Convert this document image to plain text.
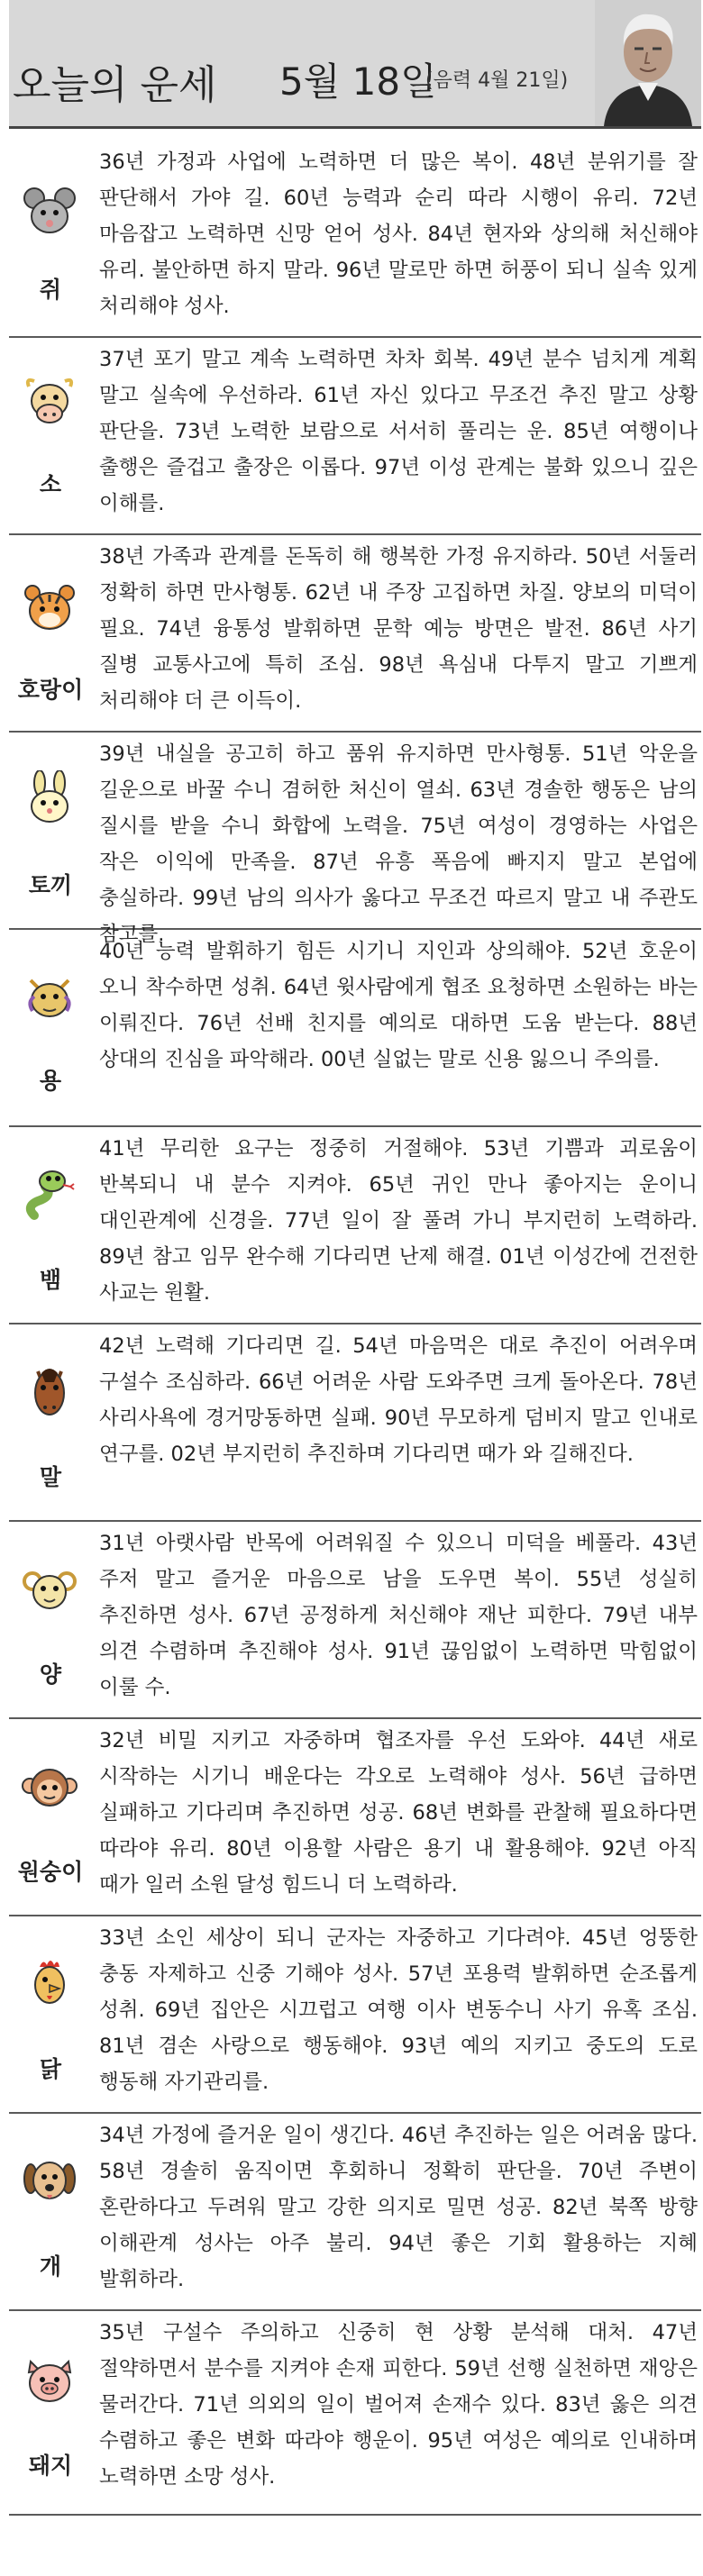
오늘의 운세 5월 18일
(음력 4월 21일)
쥐
36년 가정과 사업에 노력하면 더 많은 복이. 48년 분위기를 잘 판단해서 가야 길. 60년 능력과 순리 따라 시행이 유리. 72년 마음잡고 노력하면 신망 얻어 성사. 84년 현자와 상의해 처신해야 유리. 불안하면 하지 말라. 96년 말로만 하면 허풍이 되니 실속 있게 처리해야 성사.
소
37년 포기 말고 계속 노력하면 차차 회복. 49년 분수 넘치게 계획 말고 실속에 우선하라. 61년 자신 있다고 무조건 추진 말고 상황 판단을. 73년 노력한 보람으로 서서히 풀리는 운. 85년 여행이나 출행은 즐겁고 출장은 이롭다. 97년 이성 관계는 불화 있으니 깊은 이해를.
호랑이
38년 가족과 관계를 돈독히 해 행복한 가정 유지하라. 50년 서둘러 정확히 하면 만사형통. 62년 내 주장 고집하면 차질. 양보의 미덕이 필요. 74년 융통성 발휘하면 문학 예능 방면은 발전. 86년 사기 질병 교통사고에 특히 조심. 98년 욕심내 다투지 말고 기쁘게 처리해야 더 큰 이득이.
토끼
39년 내실을 공고히 하고 품위 유지하면 만사형통. 51년 악운을 길운으로 바꿀 수니 겸허한 처신이 열쇠. 63년 경솔한 행동은 남의 질시를 받을 수니 화합에 노력을. 75년 여성이 경영하는 사업은 작은 이익에 만족을. 87년 유흥 폭음에 빠지지 말고 본업에 충실하라. 99년 남의 의사가 옳다고 무조건 따르지 말고 내 주관도 참고를.
용
40년 능력 발휘하기 힘든 시기니 지인과 상의해야. 52년 호운이 오니 착수하면 성취. 64년 윗사람에게 협조 요청하면 소원하는 바는 이뤄진다. 76년 선배 친지를 예의로 대하면 도움 받는다. 88년 상대의 진심을 파악해라. 00년 실없는 말로 신용 잃으니 주의를.
뱀
41년 무리한 요구는 정중히 거절해야. 53년 기쁨과 괴로움이 반복되니 내 분수 지켜야. 65년 귀인 만나 좋아지는 운이니 대인관계에 신경을. 77년 일이 잘 풀려 가니 부지런히 노력하라. 89년 참고 임무 완수해 기다리면 난제 해결. 01년 이성간에 건전한 사교는 원활.
말
42년 노력해 기다리면 길. 54년 마음먹은 대로 추진이 어려우며 구설수 조심하라. 66년 어려운 사람 도와주면 크게 돌아온다. 78년 사리사욕에 경거망동하면 실패. 90년 무모하게 덤비지 말고 인내로 연구를. 02년 부지런히 추진하며 기다리면 때가 와 길해진다.
양
31년 아랫사람 반목에 어려워질 수 있으니 미덕을 베풀라. 43년 주저 말고 즐거운 마음으로 남을 도우면 복이. 55년 성실히 추진하면 성사. 67년 공정하게 처신해야 재난 피한다. 79년 내부 의견 수렴하며 추진해야 성사. 91년 끊임없이 노력하면 막힘없이 이룰 수.
원숭이
32년 비밀 지키고 자중하며 협조자를 우선 도와야. 44년 새로 시작하는 시기니 배운다는 각오로 노력해야 성사. 56년 급하면 실패하고 기다리며 추진하면 성공. 68년 변화를 관찰해 필요하다면 따라야 유리. 80년 이용할 사람은 용기 내 활용해야. 92년 아직 때가 일러 소원 달성 힘드니 더 노력하라.
닭
33년 소인 세상이 되니 군자는 자중하고 기다려야. 45년 엉뚱한 충동 자제하고 신중 기해야 성사. 57년 포용력 발휘하면 순조롭게 성취. 69년 집안은 시끄럽고 여행 이사 변동수니 사기 유혹 조심. 81년 겸손 사랑으로 행동해야. 93년 예의 지키고 중도의 도로 행동해 자기관리를.
개
34년 가정에 즐거운 일이 생긴다. 46년 추진하는 일은 어려움 많다. 58년 경솔히 움직이면 후회하니 정확히 판단을. 70년 주변이 혼란하다고 두려워 말고 강한 의지로 밀면 성공. 82년 북쪽 방향 이해관계 성사는 아주 불리. 94년 좋은 기회 활용하는 지혜 발휘하라.
돼지
35년 구설수 주의하고 신중히 현 상황 분석해 대처. 47년 절약하면서 분수를 지켜야 손재 피한다. 59년 선행 실천하면 재앙은 물러간다. 71년 의외의 일이 벌어져 손재수 있다. 83년 옳은 의견 수렴하고 좋은 변화 따라야 행운이. 95년 여성은 예의로 인내하며 노력하면 소망 성사.
